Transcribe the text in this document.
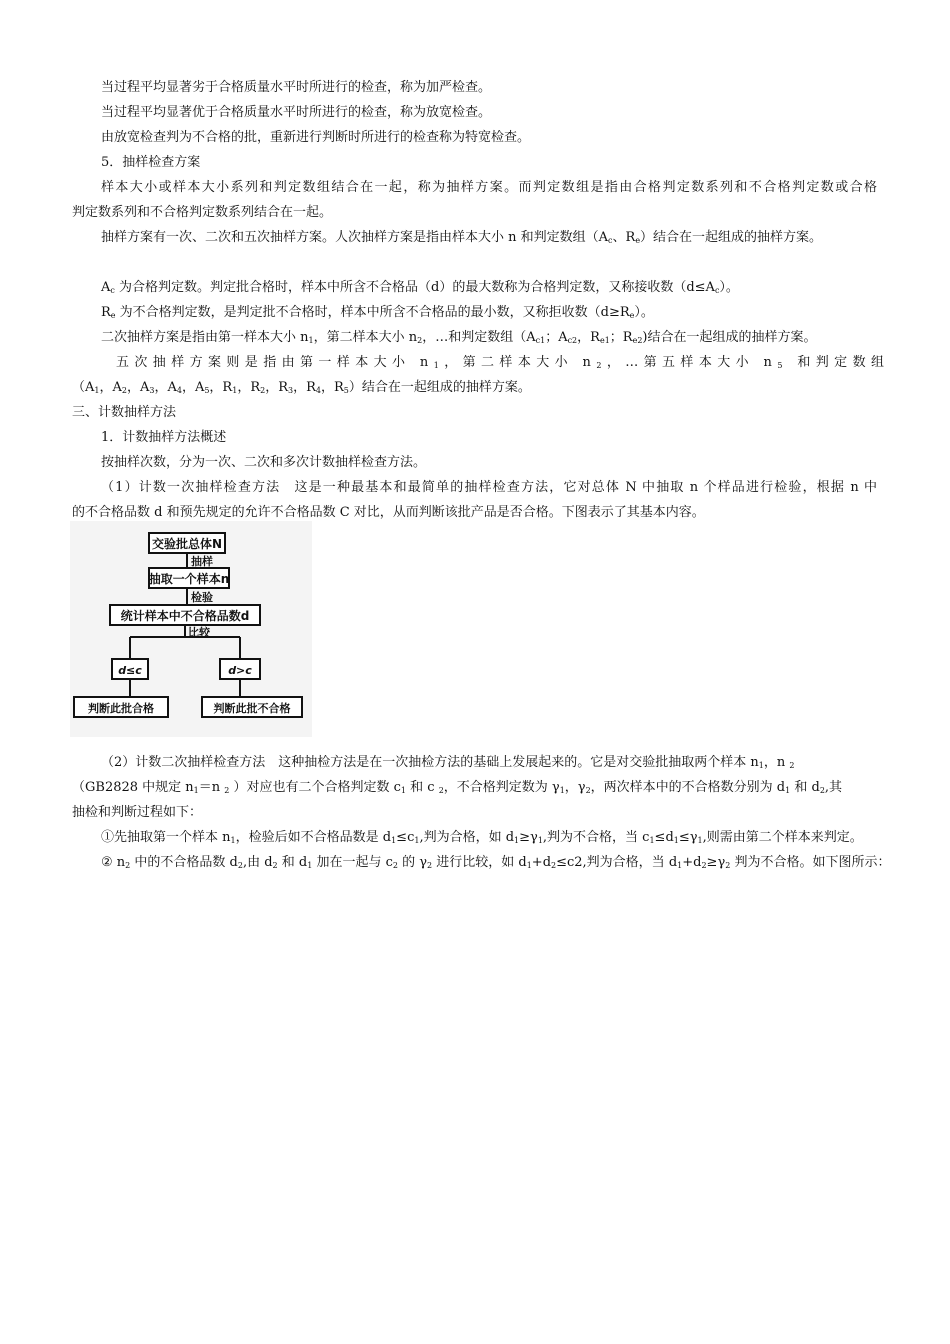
当过程平均显著劣于合格质量水平时所进行的检查，称为加严检查。
当过程平均显著优于合格质量水平时所进行的检查，称为放宽检查。
由放宽检查判为不合格的批，重新进行判断时所进行的检查称为特宽检查。
5．抽样检查方案
样本大小或样本大小系列和判定数组结合在一起，称为抽样方案。而判定数组是指由合格判定数系列和不合格判定数或合格
判定数系列和不合格判定数系列结合在一起。
抽样方案有一次、二次和五次抽样方案。人次抽样方案是指由样本大小 n 和判定数组（$A_c$、$R_e$）结合在一起组成的抽样方案。
$A_c$ 为合格判定数。判定批合格时，样本中所含不合格品（d）的最大数称为合格判定数，又称接收数$(d\le A_c)$。
$R_e$ 为不合格判定数，是判定批不合格时，样本中所含不合格品的最小数，又称拒收数$(d\ge R_e)$。
二次抽样方案是指由第一样本大小 $n_1$，第二样本大小 $n_2$，…和判定数组（$A_{c1}$；$A_{c2}$，$R_{e1}$；$R_{e2}$)结合在一起组成的抽样方案。
五次抽样方案则是指由第一样本大小 $n_1$，第二样本大小 $n_2$，…第五样本大小 $n_5$ 和判定数组
（$A_1$，$A_2$，$A_3$，$A_4$，$A_5$，$R_1$，$R_2$，$R_3$，$R_4$，$R_5$）结合在一起组成的抽样方案。
三、计数抽样方法
1．计数抽样方法概述
按抽样次数，分为一次、二次和多次计数抽样检查方法。
（1）计数一次抽样检查方法　这是一种最基本和最简单的抽样检查方法，它对总体 N 中抽取 n 个样品进行检验，根据 n 中
的不合格品数 d 和预先规定的允许不合格品数 C 对比，从而判断该批产品是否合格。下图表示了其基本内容。
交验批总体N
抽样
抽取一个样本n
检验
统计样本中不合格品数d
比较
d≤c	d>c
判断此批合格	判断此批不合格
（2）计数二次抽样检查方法　这种抽检方法是在一次抽检方法的基础上发展起来的。它是对交验批抽取两个样本 $n_1$，n $_2$
（GB2828 中规定 $n_1=n$ $_2$ ）对应也有二个合格判定数 $c_1$ 和 c $_2$，不合格判定数为 $\gamma_1$，$\gamma_2$，两次样本中的不合格数分别为 $d_1$ 和 $d_2$,其
抽检和判断过程如下：
①先抽取第一个样本 $n_1$，检验后如不合格品数是 $d_1\le c_1$,判为合格，如 $d_1\ge\gamma_1$,判为不合格，当 $c_1\le d_1\le\gamma_1$,则需由第二个样本来判定。
② $n_2$ 中的不合格品数 $d_2$,由 $d_2$ 和 $d_1$ 加在一起与 $c_2$ 的 $\gamma_2$ 进行比较，如 $d_1+d_2\le c2$,判为合格，当 $d_1+d_2\ge\gamma_2$ 判为不合格。如下图所示：
